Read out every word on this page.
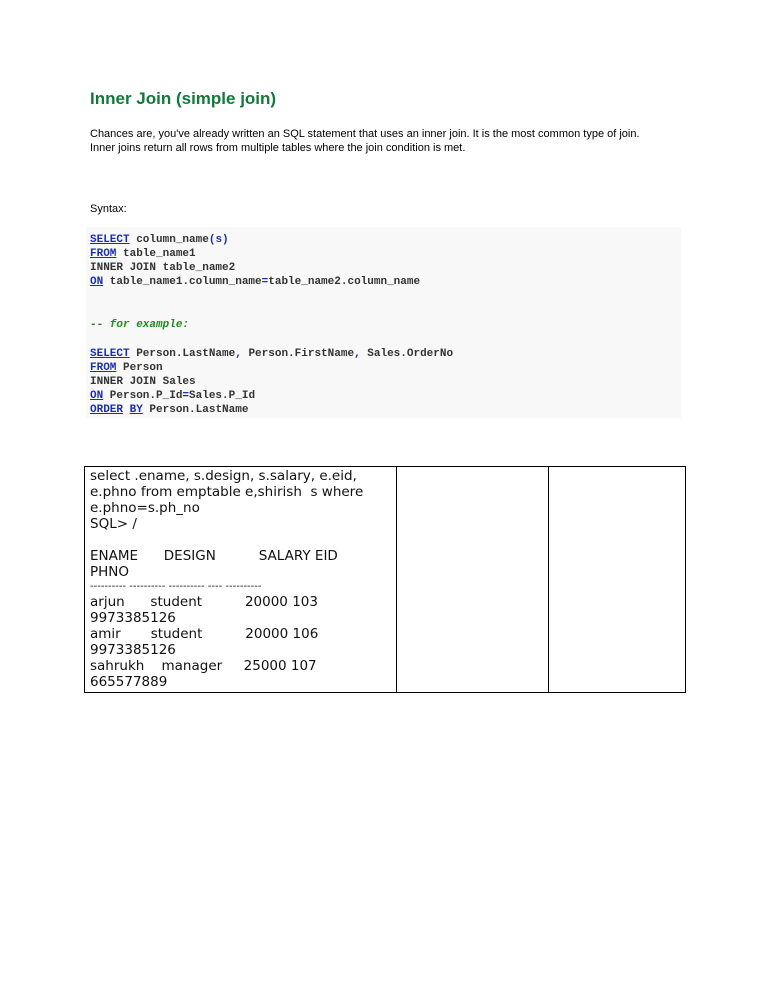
Inner Join (simple join)
Chances are, you've already written an SQL statement that uses an inner join. It is the most common type of join.
Inner joins return all rows from multiple tables where the join condition is met.
Syntax:
SELECT column_name(s)
FROM table_name1
INNER JOIN table_name2
ON table_name1.column_name=table_name2.column_name
-- for example:
SELECT Person.LastName, Person.FirstName, Sales.OrderNo
FROM Person
INNER JOIN Sales
ON Person.P_Id=Sales.P_Id
ORDER BY Person.LastName
select .ename, s.design, s.salary, e.eid,
e.phno from emptable e,shirish  s where
e.phno=s.ph_no
SQL> /

ENAME      DESIGN          SALARY EID
PHNO

---------- ---------- ---------- ---- ----------
arjun      student          20000 103
9973385126
amir       student          20000 106
9973385126
sahrukh    manager     25000 107
665577889
